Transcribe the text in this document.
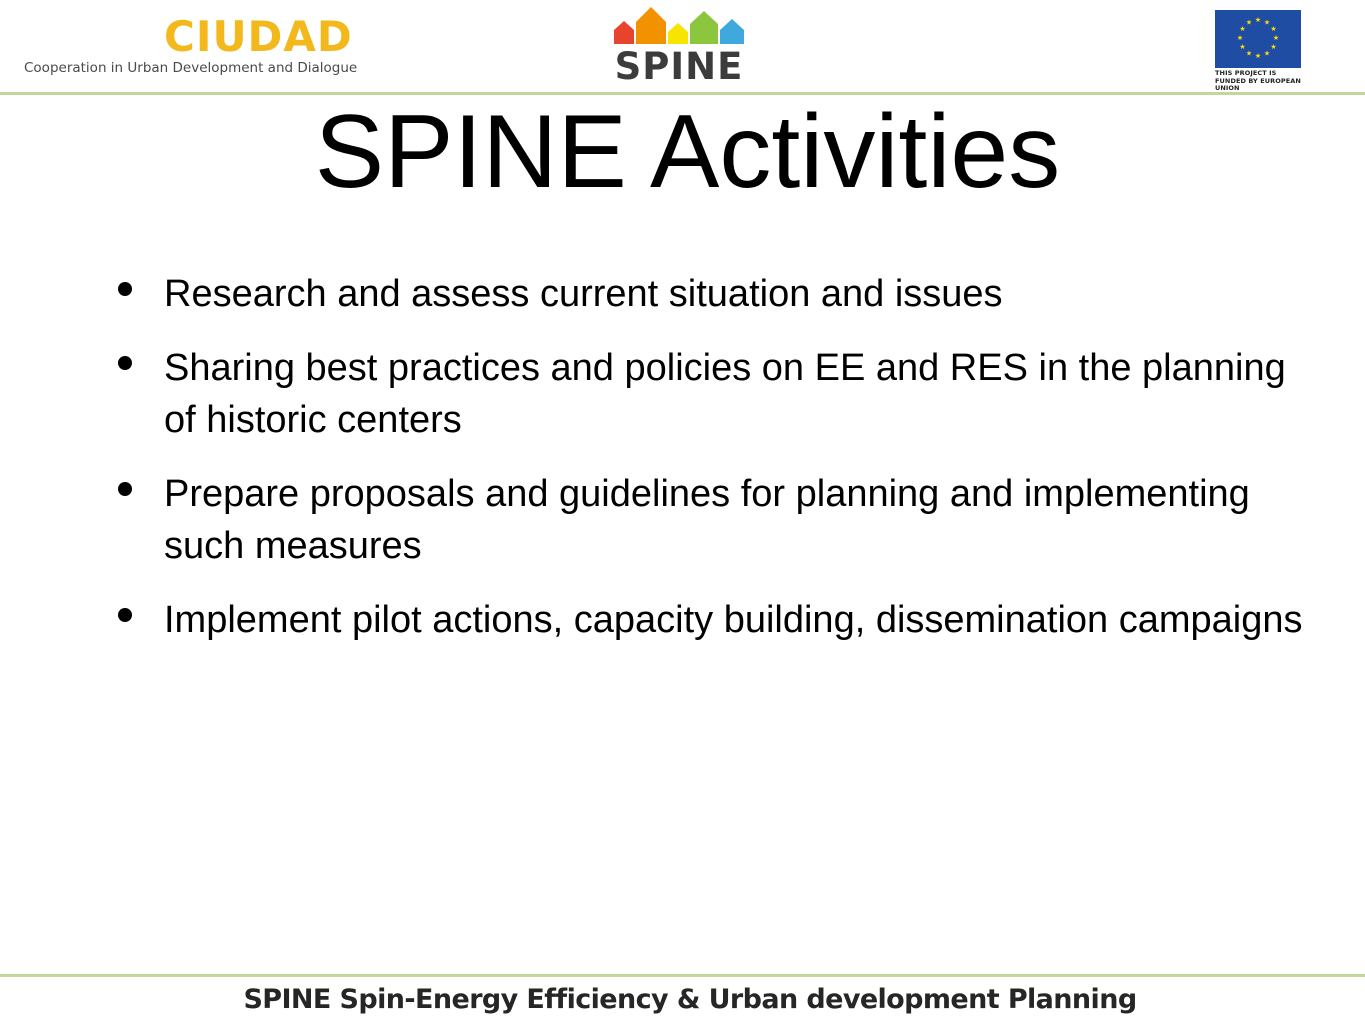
CIUDAD
Cooperation in Urban Development and Dialogue	SPINE
★ ★
★
★
★
★
★
★
★
★
★
★
THIS PROJECT IS FUNDED BY EUROPEAN UNION
SPINE Activities
Research and assess current situation and issues
Sharing best practices and policies on EE and RES in the planning of historic centers
Prepare proposals and guidelines for planning and implementing such measures
Implement pilot actions, capacity building, dissemination campaigns
SPINE Spin-Energy Efficiency & Urban development Planning
